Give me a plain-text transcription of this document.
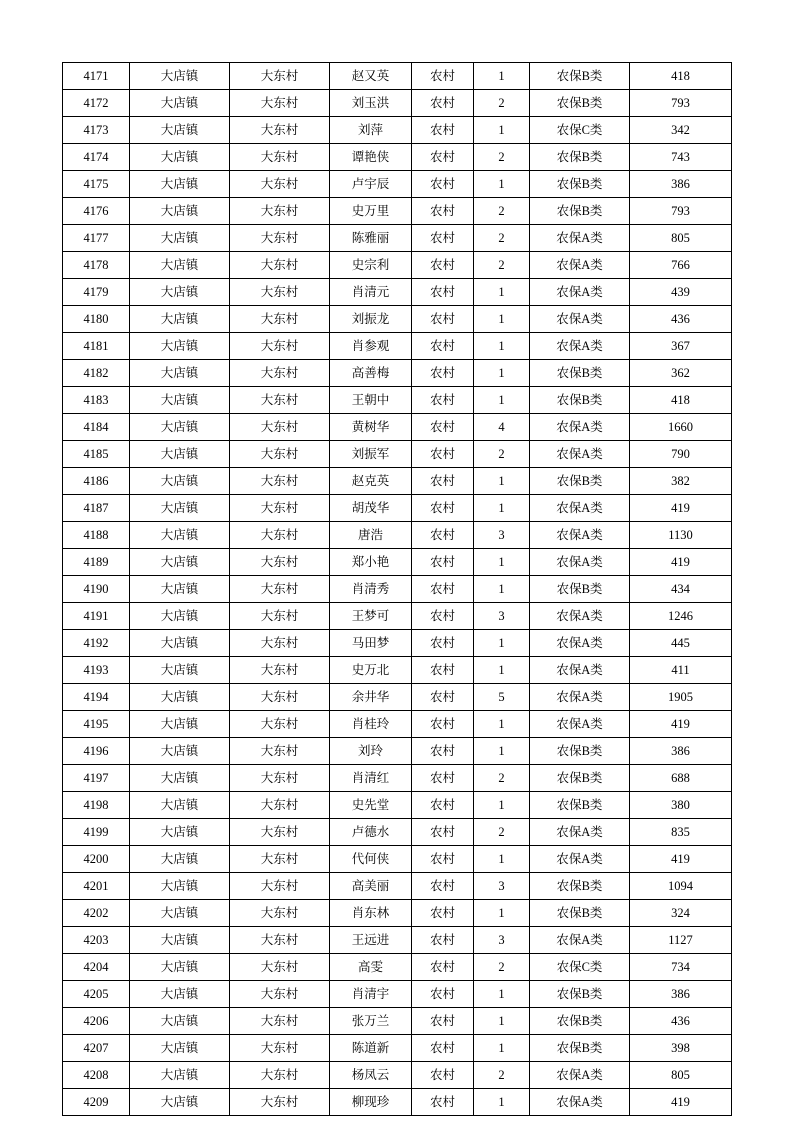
4171	大店镇	大东村	赵又英	农村	1	农保B类	418
4172	大店镇	大东村	刘玉洪	农村	2	农保B类	793
4173	大店镇	大东村	刘萍	农村	1	农保C类	342
4174	大店镇	大东村	谭艳侠	农村	2	农保B类	743
4175	大店镇	大东村	卢宇辰	农村	1	农保B类	386
4176	大店镇	大东村	史万里	农村	2	农保B类	793
4177	大店镇	大东村	陈雅丽	农村	2	农保A类	805
4178	大店镇	大东村	史宗利	农村	2	农保A类	766
4179	大店镇	大东村	肖清元	农村	1	农保A类	439
4180	大店镇	大东村	刘振龙	农村	1	农保A类	436
4181	大店镇	大东村	肖参观	农村	1	农保A类	367
4182	大店镇	大东村	高善梅	农村	1	农保B类	362
4183	大店镇	大东村	王朝中	农村	1	农保B类	418
4184	大店镇	大东村	黄树华	农村	4	农保A类	1660
4185	大店镇	大东村	刘振军	农村	2	农保A类	790
4186	大店镇	大东村	赵克英	农村	1	农保B类	382
4187	大店镇	大东村	胡茂华	农村	1	农保A类	419
4188	大店镇	大东村	唐浩	农村	3	农保A类	1130
4189	大店镇	大东村	郑小艳	农村	1	农保A类	419
4190	大店镇	大东村	肖清秀	农村	1	农保B类	434
4191	大店镇	大东村	王梦可	农村	3	农保A类	1246
4192	大店镇	大东村	马田梦	农村	1	农保A类	445
4193	大店镇	大东村	史万北	农村	1	农保A类	411
4194	大店镇	大东村	余井华	农村	5	农保A类	1905
4195	大店镇	大东村	肖桂玲	农村	1	农保A类	419
4196	大店镇	大东村	刘玲	农村	1	农保B类	386
4197	大店镇	大东村	肖清红	农村	2	农保B类	688
4198	大店镇	大东村	史先堂	农村	1	农保B类	380
4199	大店镇	大东村	卢德水	农村	2	农保A类	835
4200	大店镇	大东村	代何侠	农村	1	农保A类	419
4201	大店镇	大东村	高美丽	农村	3	农保B类	1094
4202	大店镇	大东村	肖东林	农村	1	农保B类	324
4203	大店镇	大东村	王远进	农村	3	农保A类	1127
4204	大店镇	大东村	高雯	农村	2	农保C类	734
4205	大店镇	大东村	肖清宇	农村	1	农保B类	386
4206	大店镇	大东村	张万兰	农村	1	农保B类	436
4207	大店镇	大东村	陈道新	农村	1	农保B类	398
4208	大店镇	大东村	杨凤云	农村	2	农保A类	805
4209	大店镇	大东村	柳现珍	农村	1	农保A类	419
